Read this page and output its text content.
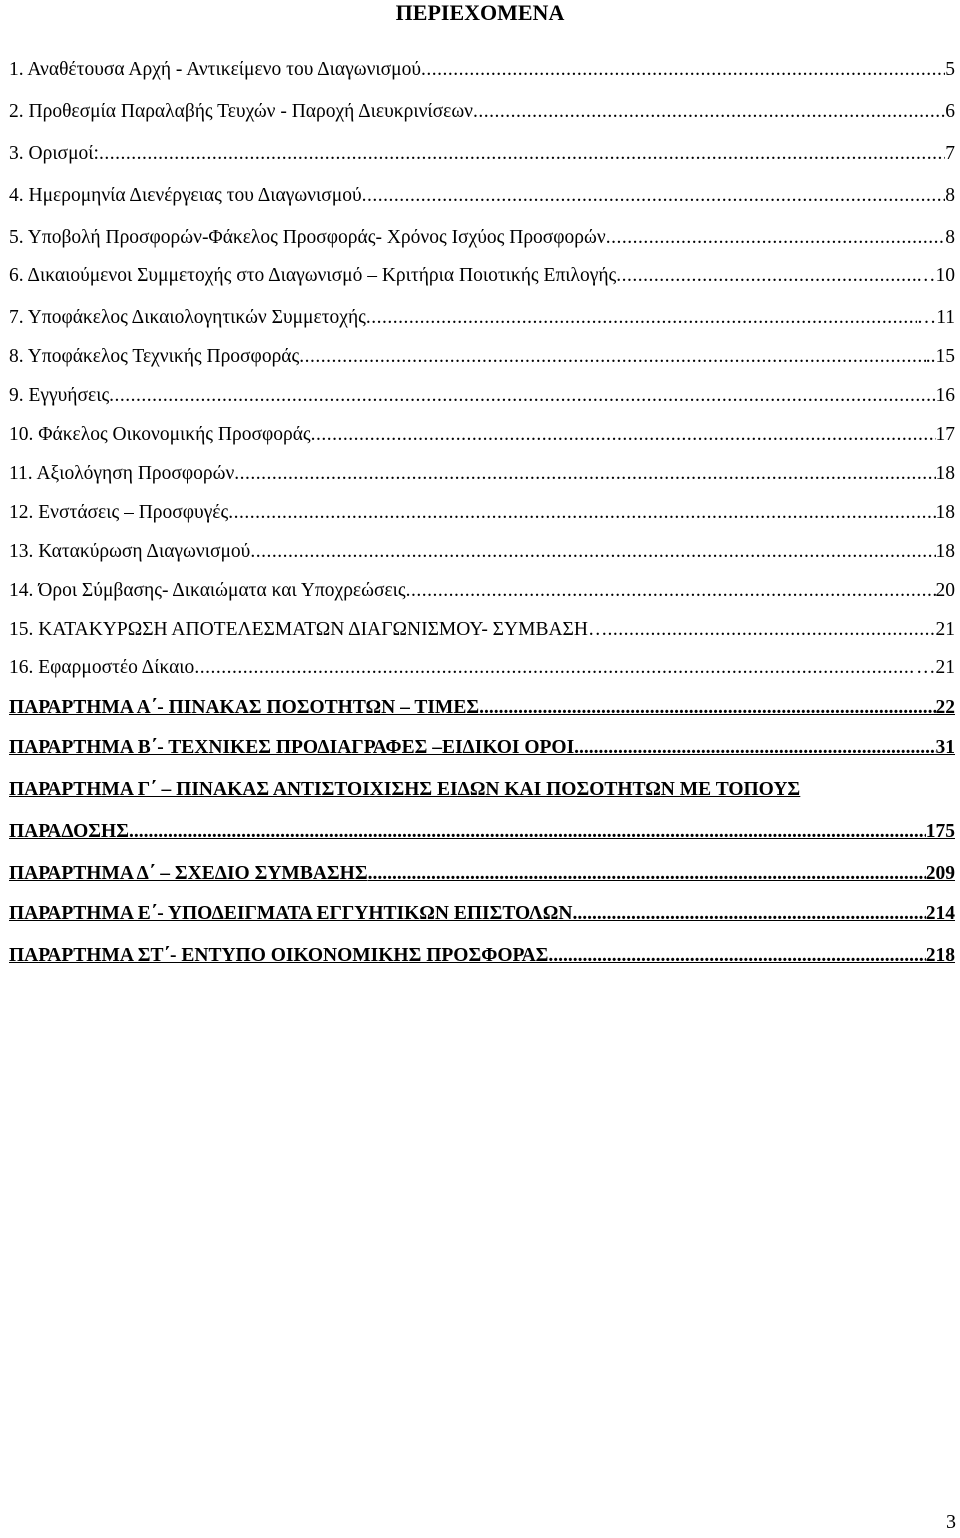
ΠΕΡΙΕΧΟΜΕΝΑ
1. Αναθέτουσα Αρχή - Αντικείμενο του Διαγωνισμού .....	5
2. Προθεσμία Παραλαβής Τευχών - Παροχή Διευκρινίσεων .....	6
3. Ορισμοί: .....	7
4. Ημερομηνία Διενέργειας του Διαγωνισμού .....	8
5. Υποβολή Προσφορών-Φάκελος Προσφοράς- Χρόνος Ισχύος Προσφορών .....	8
6. Δικαιούμενοι Συμμετοχής στο Διαγωνισμό – Κριτήρια Ποιοτικής Επιλογής .....	…10
7. Υποφάκελος Δικαιολογητικών Συμμετοχής .....	…11
8. Υποφάκελος Τεχνικής Προσφοράς .....	..15
9. Εγγυήσεις .....	16
10. Φάκελος Οικονομικής Προσφοράς .....	17
11. Αξιολόγηση Προσφορών .....	18
12. Ενστάσεις – Προσφυγές .....	18
13. Κατακύρωση Διαγωνισμού .....	18
14. Όροι Σύμβασης- Δικαιώματα και Υποχρεώσεις .....	20
15. ΚΑΤΑΚΥΡΩΣΗ ΑΠΟΤΕΛΕΣΜΑΤΩΝ ΔΙΑΓΩΝΙΣΜΟΥ- ΣΥΜΒΑΣΗ… .....	21
16. Εφαρμοστέο Δίκαιο .....	…21
ΠΑΡΑΡΤΗΜΑ Α΄- ΠΙΝΑΚΑΣ ΠΟΣΟΤΗΤΩΝ – ΤΙΜΕΣ .....	22
ΠΑΡΑΡΤΗΜΑ Β΄- ΤΕΧΝΙΚΕΣ ΠΡΟΔΙΑΓΡΑΦΕΣ –ΕΙΔΙΚΟΙ ΟΡΟΙ .....	31
ΠΑΡΑΡΤΗΜΑ Γ΄ – ΠΙΝΑΚΑΣ ΑΝΤΙΣΤΟΙΧΙΣΗΣ ΕΙΔΩΝ ΚΑΙ ΠΟΣΟΤΗΤΩΝ ΜΕ ΤΟΠΟΥΣ
ΠΑΡΑΔΟΣΗΣ .....	175
ΠΑΡΑΡΤΗΜΑ Δ΄ – ΣΧΕΔΙΟ ΣΥΜΒΑΣΗΣ .....	209
ΠΑΡΑΡΤΗΜΑ Ε΄- ΥΠΟΔΕΙΓΜΑΤΑ ΕΓΓΥΗΤΙΚΩΝ ΕΠΙΣΤΟΛΩΝ .....	214
ΠΑΡΑΡΤΗΜΑ ΣΤ΄- ΕΝΤΥΠΟ ΟΙΚΟΝΟΜΙΚΗΣ ΠΡΟΣΦΟΡΑΣ .....	218
3
